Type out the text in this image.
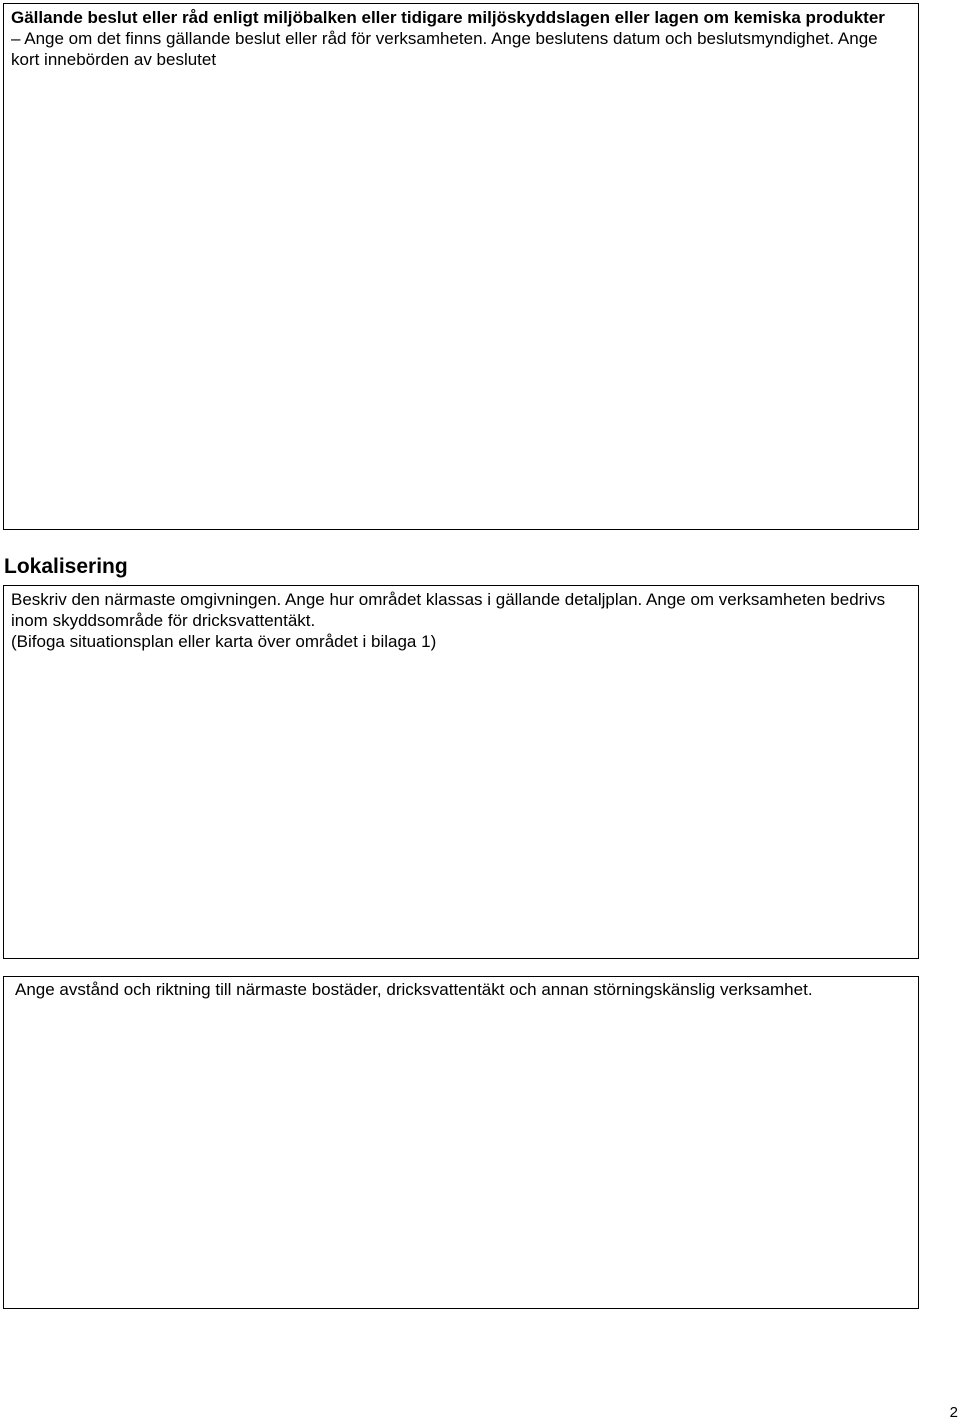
Gällande beslut eller råd enligt miljöbalken eller tidigare miljöskyddslagen eller lagen om kemiska produkter – Ange om det finns gällande beslut eller råd för verksamheten. Ange beslutens datum och beslutsmyndighet. Ange kort innebörden av beslutet
Lokalisering
Beskriv den närmaste omgivningen. Ange hur området klassas i gällande detaljplan. Ange om verksamheten bedrivs inom skyddsområde för dricksvattentäkt.
(Bifoga situationsplan eller karta över området i bilaga 1)
Ange avstånd och riktning till närmaste bostäder, dricksvattentäkt och annan störningskänslig verksamhet.
2
